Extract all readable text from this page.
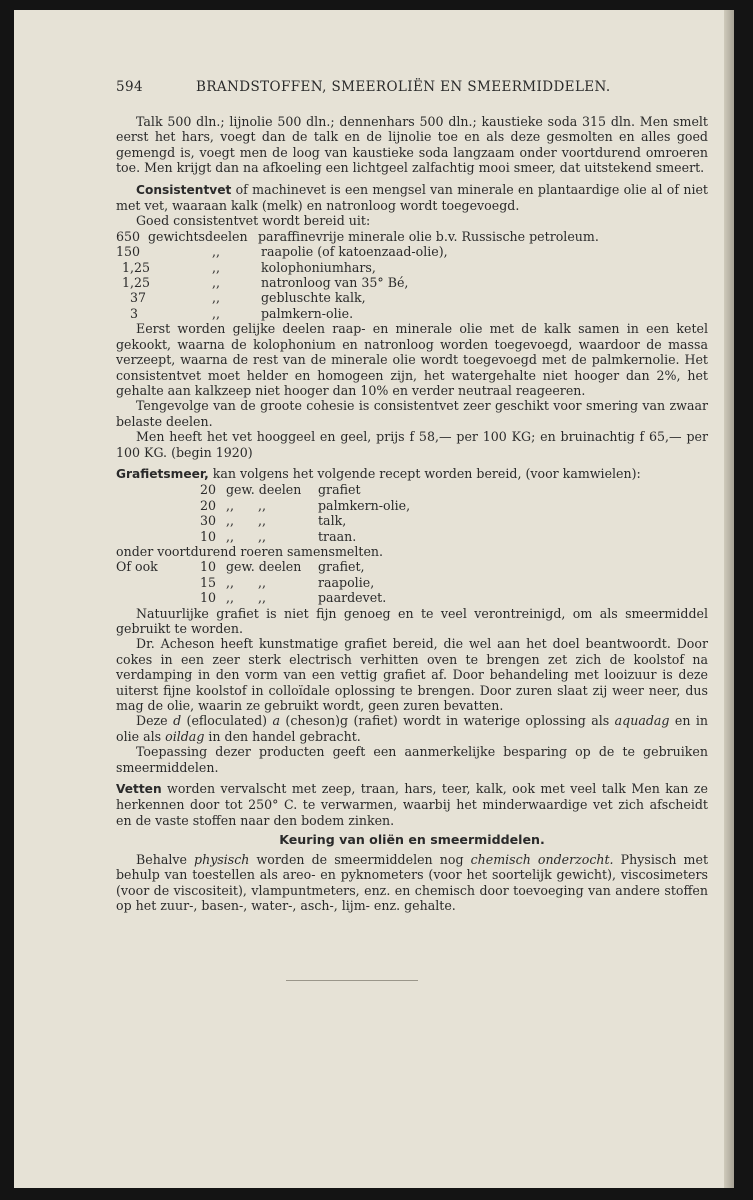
594	BRANDSTOFFEN, SMEEROLIËN EN SMEERMIDDELEN.

Talk 500 dln.; lijnolie 500 dln.; dennenhars 500 dln.; kaustieke soda 315 dln. Men smelt eerst het hars, voegt dan de talk en de lijnolie toe en als deze gesmolten en alles goed gemengd is, voegt men de loog van kaustieke soda langzaam onder voortdurend omroeren toe. Men krijgt dan na afkoeling een lichtgeel zalfachtig mooi smeer, dat uitstekend smeert.

Consistentvet of machinevet is een mengsel van minerale en plantaardige olie al of niet met vet, waaraan kalk (melk) en natronloog wordt toegevoegd.

Goed consistentvet wordt bereid uit:

650 gewichtsdeelen paraffinevrije minerale olie b.v. Russische petroleum.
150	,,	raapolie (of katoenzaad-olie),
1,25	,,	kolophoniumhars,
1,25	,,	natronloog van 35° Bé,
37	,,	gebluschte kalk,
3	,,	palmkern-olie.

Eerst worden gelijke deelen raap- en minerale olie met de kalk samen in een ketel gekookt, waarna de kolophonium en natronloog worden toegevoegd, waardoor de massa verzeept, waarna de rest van de minerale olie wordt toegevoegd met de palmkernolie. Het consistentvet moet helder en homogeen zijn, het watergehalte niet hooger dan 2%, het gehalte aan kalkzeep niet hooger dan 10% en verder neutraal reageeren.

Tengevolge van de groote cohesie is consistentvet zeer geschikt voor smering van zwaar belaste deelen.

Men heeft het vet hooggeel en geel, prijs f 58,— per 100 KG; en bruinachtig f 65,— per 100 KG. (begin 1920)

Grafietsmeer, kan volgens het volgende recept worden bereid, (voor kamwielen):

20 gew. deelen	grafiet
20 ,,      ,,	palmkern-olie,
30 ,,      ,,	talk,
10 ,,      ,,	traan.

onder voortdurend roeren samensmelten.

Of ook	10 gew. deelen	grafiet,
15 ,,      ,,	raapolie,
10 ,,      ,,	paardevet.

Natuurlijke grafiet is niet fijn genoeg en te veel verontreinigd, om als smeermiddel gebruikt te worden.

Dr. Acheson heeft kunstmatige grafiet bereid, die wel aan het doel beantwoordt. Door cokes in een zeer sterk electrisch verhitten oven te brengen zet zich de koolstof na verdamping in den vorm van een vettig grafiet af. Door behandeling met looizuur is deze uiterst fijne koolstof in colloïdale oplossing te brengen. Door zuren slaat zij weer neer, dus mag de olie, waarin ze gebruikt wordt, geen zuren bevatten.

Deze d (efloculated) a (cheson)g (rafiet) wordt in waterige oplossing als aquadag en in olie als oildag in den handel gebracht.

Toepassing dezer producten geeft een aanmerkelijke besparing op de te gebruiken smeermiddelen.

Vetten worden vervalscht met zeep, traan, hars, teer, kalk, ook met veel talk Men kan ze herkennen door tot 250° C. te verwarmen, waarbij het minderwaardige vet zich afscheidt en de vaste stoffen naar den bodem zinken.

Keuring van oliën en smeermiddelen.

Behalve physisch worden de smeermiddelen nog chemisch onderzocht. Physisch met behulp van toestellen als areo- en pyknometers (voor het soortelijk gewicht), viscosimeters (voor de viscositeit), vlampuntmeters, enz. en chemisch door toevoeging van andere stoffen op het zuur-, basen-, water-, asch-, lijm- enz. gehalte.
